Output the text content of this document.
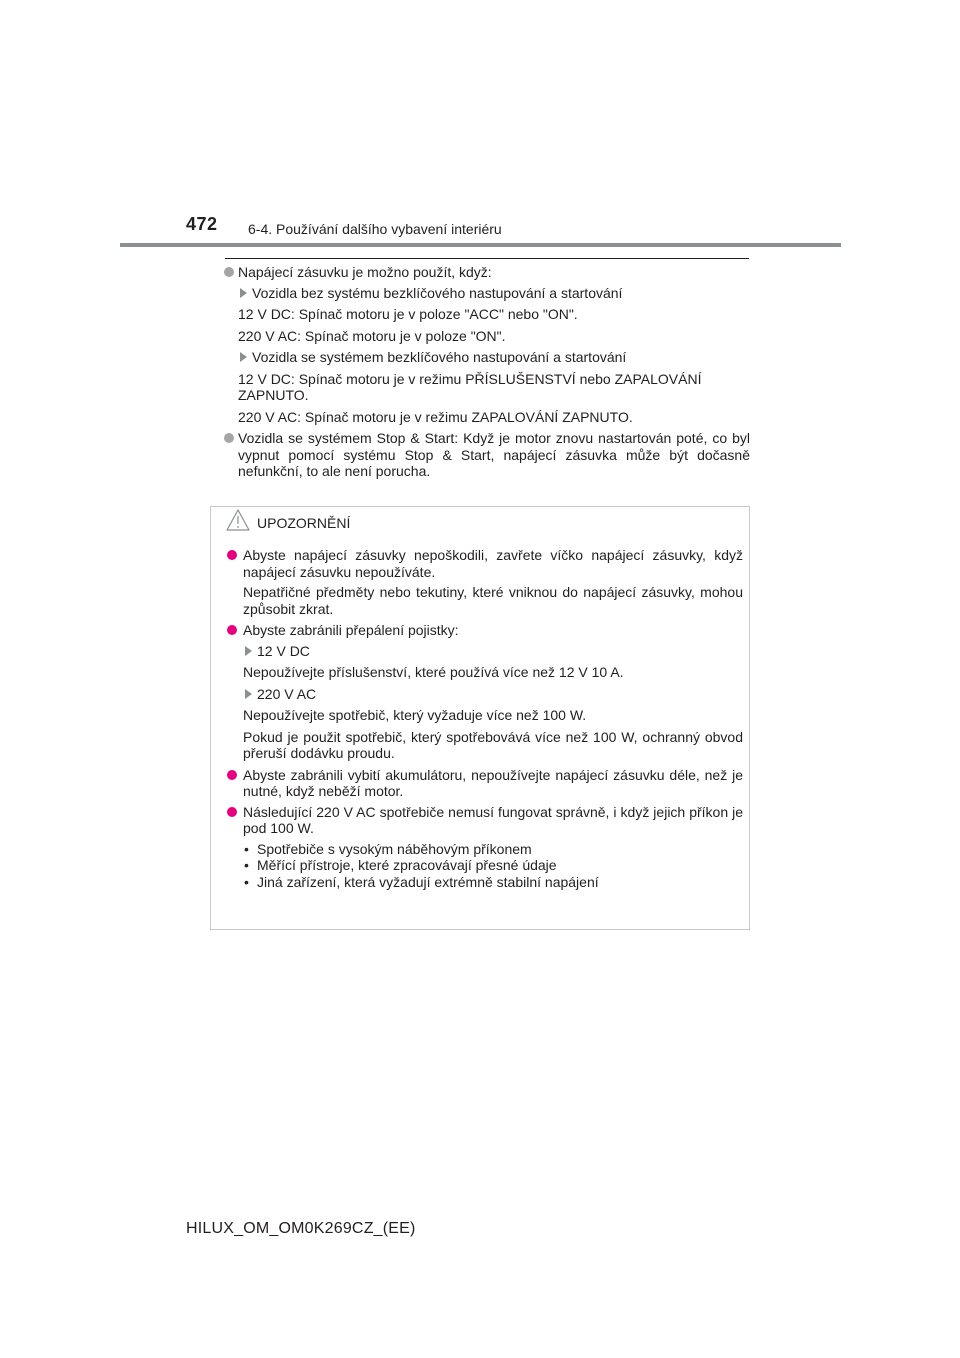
472 6-4. Používání dalšího vybavení interiéru
Napájecí zásuvku je možno použít, když:
Vozidla bez systému bezklíčového nastupování a startování
12 V DC: Spínač motoru je v poloze "ACC" nebo "ON".
220 V AC: Spínač motoru je v poloze "ON".
Vozidla se systémem bezklíčového nastupování a startování
12 V DC: Spínač motoru je v režimu PŘÍSLUŠENSTVÍ nebo ZAPALOVÁNÍ ZAPNUTO.
220 V AC: Spínač motoru je v režimu ZAPALOVÁNÍ ZAPNUTO.
Vozidla se systémem Stop & Start: Když je motor znovu nastartován poté, co byl vypnut pomocí systému Stop & Start, napájecí zásuvka může být dočasně nefunkční, to ale není porucha.
UPOZORNĚNÍ
Abyste napájecí zásuvky nepoškodili, zavřete víčko napájecí zásuvky, když napájecí zásuvku nepoužíváte.
Nepatřičné předměty nebo tekutiny, které vniknou do napájecí zásuvky, mohou způsobit zkrat.
Abyste zabránili přepálení pojistky:
12 V DC
Nepoužívejte příslušenství, které používá více než 12 V 10 A.
220 V AC
Nepoužívejte spotřebič, který vyžaduje více než 100 W.
Pokud je použit spotřebič, který spotřebovává více než 100 W, ochranný obvod přeruší dodávku proudu.
Abyste zabránili vybití akumulátoru, nepoužívejte napájecí zásuvku déle, než je nutné, když neběží motor.
Následující 220 V AC spotřebiče nemusí fungovat správně, i když jejich příkon je pod 100 W.
• Spotřebiče s vysokým náběhovým příkonem
• Měřící přístroje, které zpracovávají přesné údaje
• Jiná zařízení, která vyžadují extrémně stabilní napájení
HILUX_OM_OM0K269CZ_(EE)
